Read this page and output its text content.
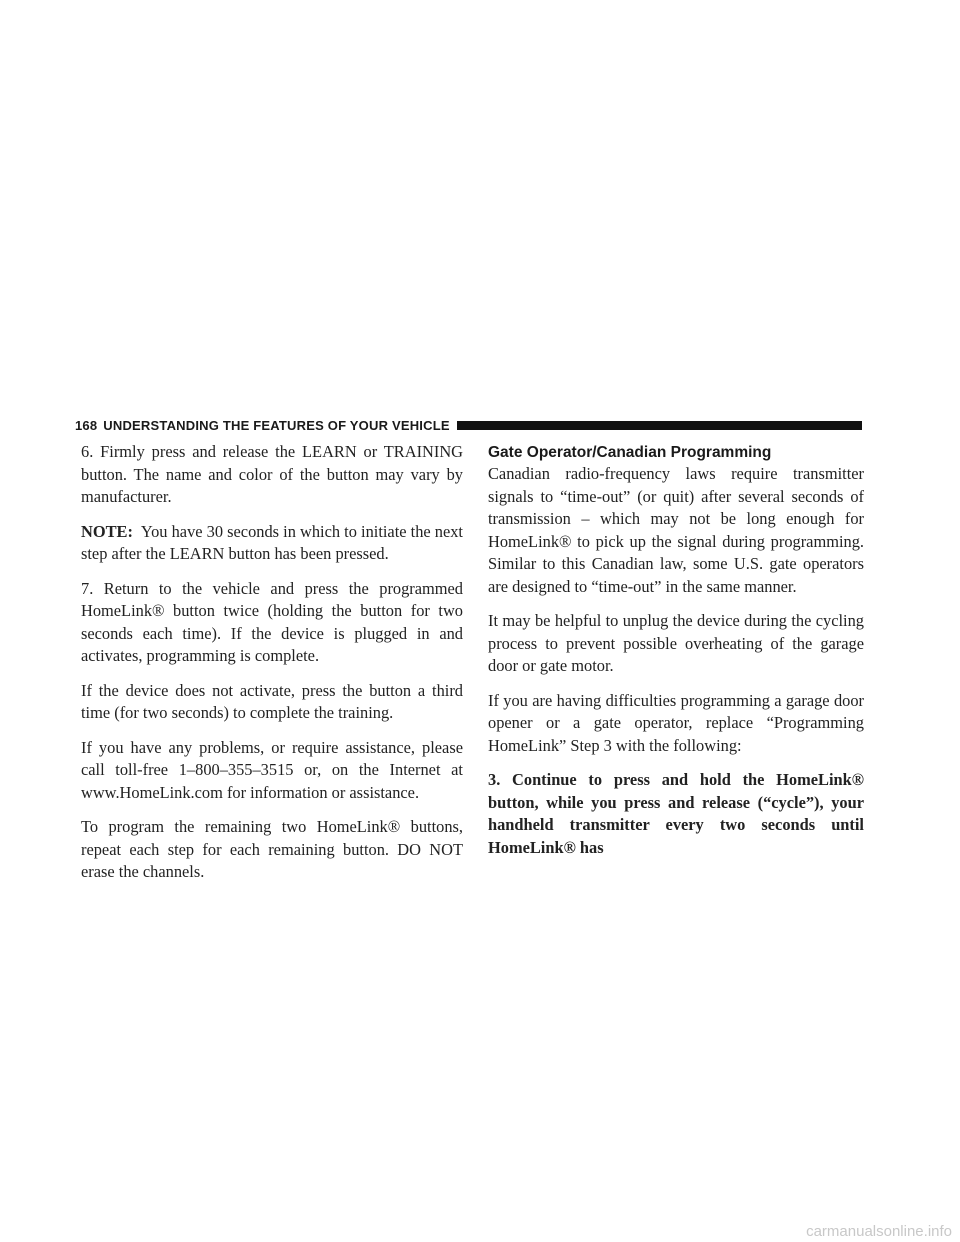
168 UNDERSTANDING THE FEATURES OF YOUR VEHICLE

6. Firmly press and release the LEARN or TRAINING button. The name and color of the button may vary by manufacturer.

NOTE: You have 30 seconds in which to initiate the next step after the LEARN button has been pressed.

7. Return to the vehicle and press the programmed HomeLink® button twice (holding the button for two seconds each time). If the device is plugged in and activates, programming is complete.

If the device does not activate, press the button a third time (for two seconds) to complete the training.

If you have any problems, or require assistance, please call toll-free 1–800–355–3515 or, on the Internet at www.HomeLink.com for information or assistance.

To program the remaining two HomeLink® buttons, repeat each step for each remaining button. DO NOT erase the channels.

Gate Operator/Canadian Programming

Canadian radio-frequency laws require transmitter signals to “time-out” (or quit) after several seconds of transmission – which may not be long enough for HomeLink® to pick up the signal during programming. Similar to this Canadian law, some U.S. gate operators are designed to “time-out” in the same manner.

It may be helpful to unplug the device during the cycling process to prevent possible overheating of the garage door or gate motor.

If you are having difficulties programming a garage door opener or a gate operator, replace “Programming HomeLink” Step 3 with the following:

3. Continue to press and hold the HomeLink® button, while you press and release (“cycle”), your handheld transmitter every two seconds until HomeLink® has

carmanualsonline.info
